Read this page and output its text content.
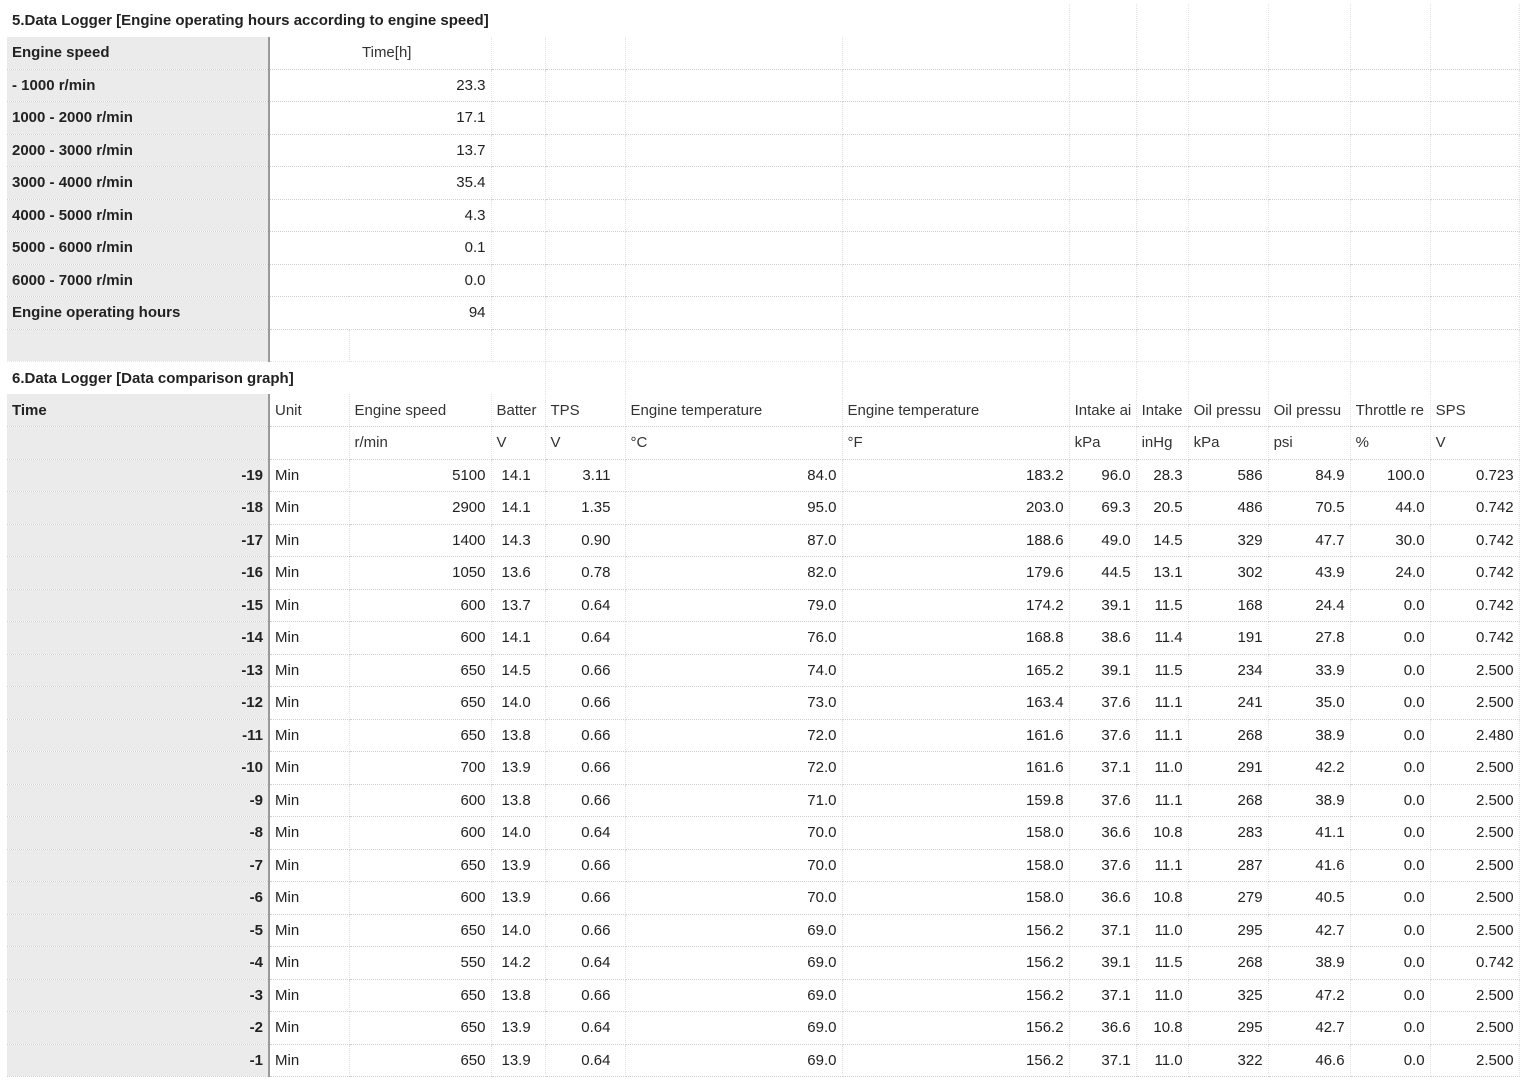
5.Data Logger [Engine operating hours according to engine speed]												
Engine speed	Time[h]											
- 1000 r/min	23.3											
1000 - 2000 r/min	17.1											
2000 - 3000 r/min	13.7											
3000 - 4000 r/min	35.4											
4000 - 5000 r/min	4.3											
5000 - 6000 r/min	0.1											
6000 - 7000 r/min	0.0											
Engine operating hours	94											

6.Data Logger [Data comparison graph]												
Time	Unit	Engine speed	Batter	TPS	Engine temperature	Engine temperature	Intake ai	Intake	Oil pressu	Oil pressu	Throttle re	SPS
		r/min	V	V	°C	°F	kPa	inHg	kPa	psi	%	V
-19	Min	5100	14.1	3.11	84.0	183.2	96.0	28.3	586	84.9	100.0	0.723
-18	Min	2900	14.1	1.35	95.0	203.0	69.3	20.5	486	70.5	44.0	0.742
-17	Min	1400	14.3	0.90	87.0	188.6	49.0	14.5	329	47.7	30.0	0.742
-16	Min	1050	13.6	0.78	82.0	179.6	44.5	13.1	302	43.9	24.0	0.742
-15	Min	600	13.7	0.64	79.0	174.2	39.1	11.5	168	24.4	0.0	0.742
-14	Min	600	14.1	0.64	76.0	168.8	38.6	11.4	191	27.8	0.0	0.742
-13	Min	650	14.5	0.66	74.0	165.2	39.1	11.5	234	33.9	0.0	2.500
-12	Min	650	14.0	0.66	73.0	163.4	37.6	11.1	241	35.0	0.0	2.500
-11	Min	650	13.8	0.66	72.0	161.6	37.6	11.1	268	38.9	0.0	2.480
-10	Min	700	13.9	0.66	72.0	161.6	37.1	11.0	291	42.2	0.0	2.500
-9	Min	600	13.8	0.66	71.0	159.8	37.6	11.1	268	38.9	0.0	2.500
-8	Min	600	14.0	0.64	70.0	158.0	36.6	10.8	283	41.1	0.0	2.500
-7	Min	650	13.9	0.66	70.0	158.0	37.6	11.1	287	41.6	0.0	2.500
-6	Min	600	13.9	0.66	70.0	158.0	36.6	10.8	279	40.5	0.0	2.500
-5	Min	650	14.0	0.66	69.0	156.2	37.1	11.0	295	42.7	0.0	2.500
-4	Min	550	14.2	0.64	69.0	156.2	39.1	11.5	268	38.9	0.0	0.742
-3	Min	650	13.8	0.66	69.0	156.2	37.1	11.0	325	47.2	0.0	2.500
-2	Min	650	13.9	0.64	69.0	156.2	36.6	10.8	295	42.7	0.0	2.500
-1	Min	650	13.9	0.64	69.0	156.2	37.1	11.0	322	46.6	0.0	2.500
